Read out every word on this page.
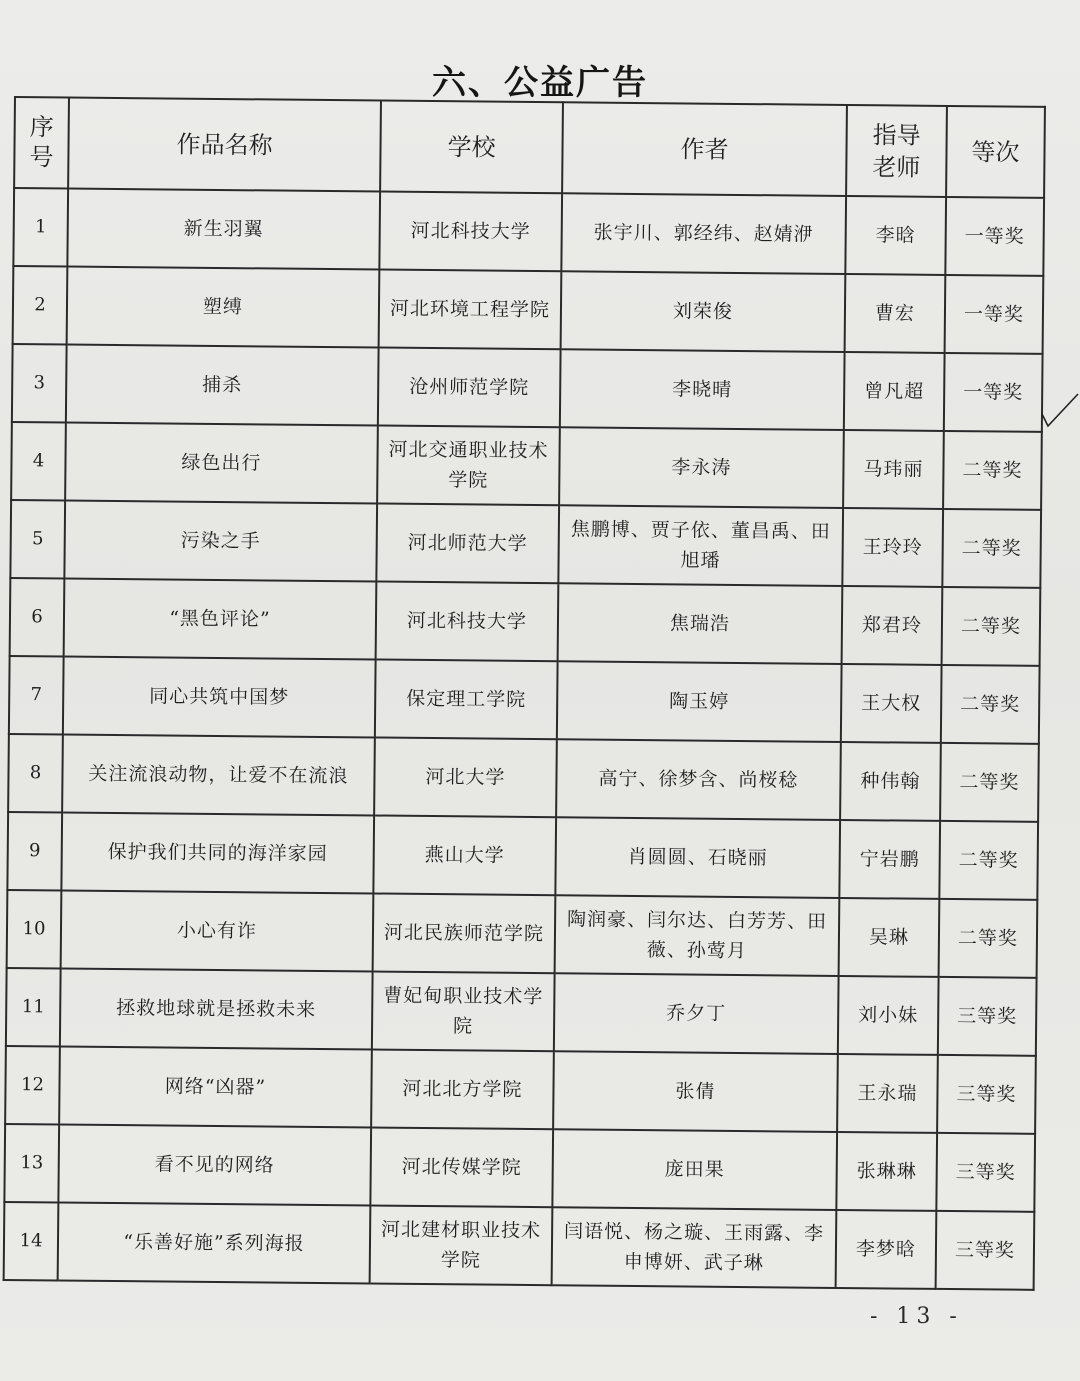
六、公益广告
序号	作品名称	学校	作者	指导老师	等次
1	新生羽翼	河北科技大学	张宇川、郭经纬、赵婧洢	李晗	一等奖
2	塑缚	河北环境工程学院	刘荣俊	曹宏	一等奖
3	捕杀	沧州师范学院	李晓晴	曾凡超	一等奖
4	绿色出行	河北交通职业技术学院	李永涛	马玮丽	二等奖
5	污染之手	河北师范大学	焦鹏博、贾子依、董昌禹、田旭璠	王玲玲	二等奖
6	“黑色评论”	河北科技大学	焦瑞浩	郑君玲	二等奖
7	同心共筑中国梦	保定理工学院	陶玉婷	王大权	二等奖
8	关注流浪动物，让爱不在流浪	河北大学	高宁、徐梦含、尚桜稔	种伟翰	二等奖
9	保护我们共同的海洋家园	燕山大学	肖圆圆、石晓丽	宁岩鹏	二等奖
10	小心有诈	河北民族师范学院	陶润豪、闫尔达、白芳芳、田薇、孙莺月	吴琳	二等奖
11	拯救地球就是拯救未来	曹妃甸职业技术学院	乔夕丁	刘小妹	三等奖
12	网络“凶器”	河北北方学院	张倩	王永瑞	三等奖
13	看不见的网络	河北传媒学院	庞田果	张琳琳	三等奖
14	“乐善好施”系列海报	河北建材职业技术学院	闫语悦、杨之璇、王雨露、李申博妍、武子琳	李梦晗	三等奖
- 13 -
